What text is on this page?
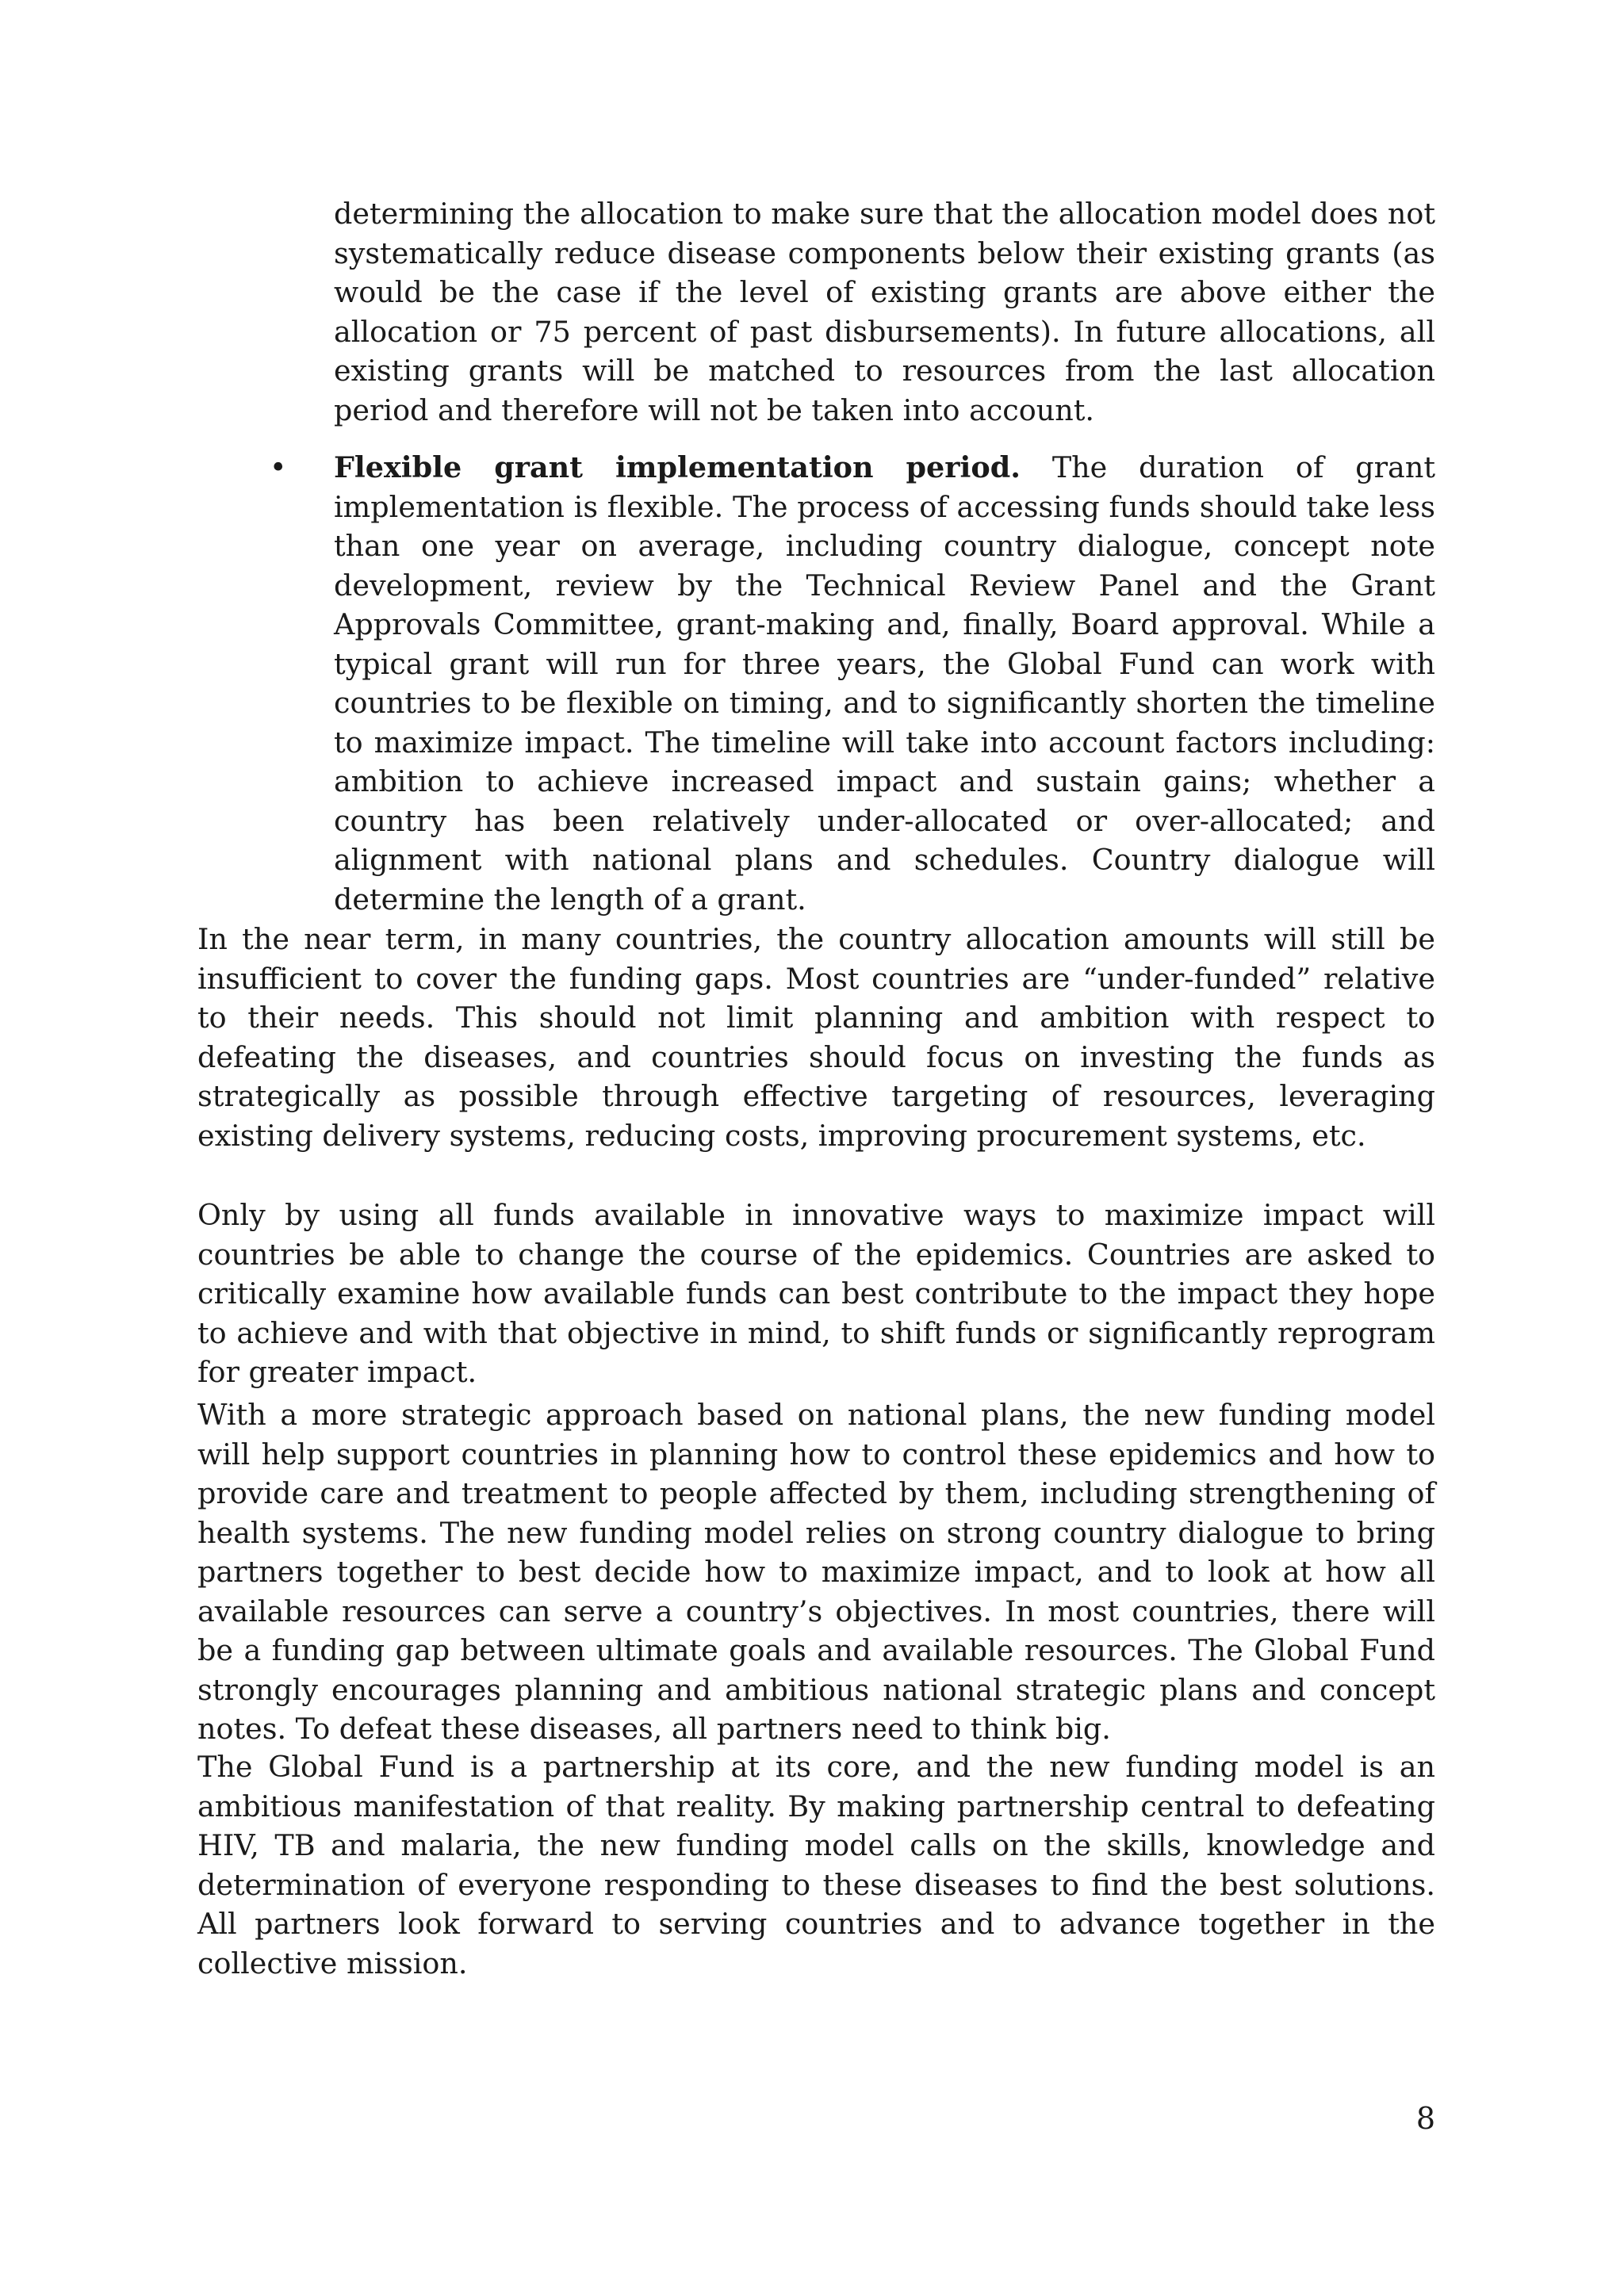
determining the allocation to make sure that the allocation model does not systematically reduce disease components below their existing grants (as would be the case if the level of existing grants are above either the allocation or 75 percent of past disbursements). In future allocations, all existing grants will be matched to resources from the last allocation period and therefore will not be taken into account.

• Flexible grant implementation period. The duration of grant implementation is flexible. The process of accessing funds should take less than one year on average, including country dialogue, concept note development, review by the Technical Review Panel and the Grant Approvals Committee, grant-making and, finally, Board approval. While a typical grant will run for three years, the Global Fund can work with countries to be flexible on timing, and to significantly shorten the timeline to maximize impact. The timeline will take into account factors including: ambition to achieve increased impact and sustain gains; whether a country has been relatively under-allocated or over-allocated; and alignment with national plans and schedules. Country dialogue will determine the length of a grant.

In the near term, in many countries, the country allocation amounts will still be insufficient to cover the funding gaps. Most countries are “under-funded” relative to their needs. This should not limit planning and ambition with respect to defeating the diseases, and countries should focus on investing the funds as strategically as possible through effective targeting of resources, leveraging existing delivery systems, reducing costs, improving procurement systems, etc.

Only by using all funds available in innovative ways to maximize impact will countries be able to change the course of the epidemics. Countries are asked to critically examine how available funds can best contribute to the impact they hope to achieve and with that objective in mind, to shift funds or significantly reprogram for greater impact.

With a more strategic approach based on national plans, the new funding model will help support countries in planning how to control these epidemics and how to provide care and treatment to people affected by them, including strengthening of health systems. The new funding model relies on strong country dialogue to bring partners together to best decide how to maximize impact, and to look at how all available resources can serve a country’s objectives. In most countries, there will be a funding gap between ultimate goals and available resources. The Global Fund strongly encourages planning and ambitious national strategic plans and concept notes. To defeat these diseases, all partners need to think big.

The Global Fund is a partnership at its core, and the new funding model is an ambitious manifestation of that reality. By making partnership central to defeating HIV, TB and malaria, the new funding model calls on the skills, knowledge and determination of everyone responding to these diseases to find the best solutions. All partners look forward to serving countries and to advance together in the collective mission.

8
